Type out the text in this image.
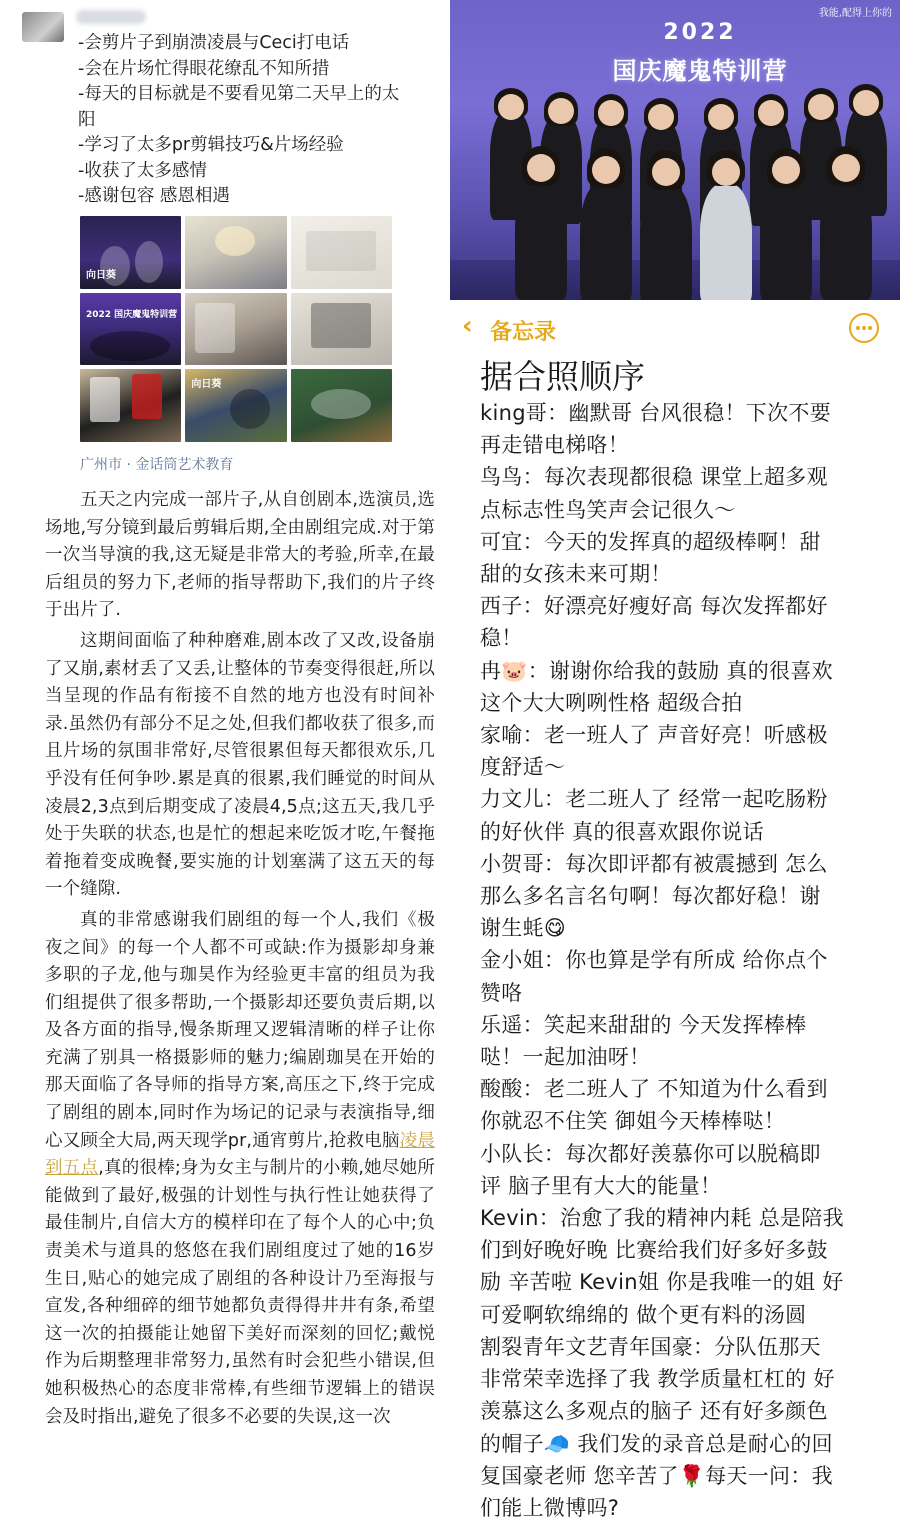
-会剪片子到崩溃凌晨与Ceci打电话
-会在片场忙得眼花缭乱不知所措
-每天的目标就是不要看见第二天早上的太
阳
-学习了太多pr剪辑技巧&片场经验
-收获了太多感情
-感谢包容 感恩相遇
向日葵
2022 国庆魔鬼特训营
向日葵
广州市 · 金话筒艺术教育

五天之内完成一部片子,从自创剧本,选演员,选场地,写分镜到最后剪辑后期,全由剧组完成.对于第一次当导演的我,这无疑是非常大的考验,所幸,在最后组员的努力下,老师的指导帮助下,我们的片子终于出片了.

这期间面临了种种磨难,剧本改了又改,设备崩了又崩,素材丢了又丢,让整体的节奏变得很赶,所以当呈现的作品有衔接不自然的地方也没有时间补录.虽然仍有部分不足之处,但我们都收获了很多,而且片场的氛围非常好,尽管很累但每天都很欢乐,几乎没有任何争吵.累是真的很累,我们睡觉的时间从凌晨2,3点到后期变成了凌晨4,5点;这五天,我几乎处于失联的状态,也是忙的想起来吃饭才吃,午餐拖着拖着变成晚餐,要实施的计划塞满了这五天的每一个缝隙.

真的非常感谢我们剧组的每一个人,我们《极夜之间》的每一个人都不可或缺:作为摄影却身兼多职的子龙,他与珈昊作为经验更丰富的组员为我们组提供了很多帮助,一个摄影却还要负责后期,以及各方面的指导,慢条斯理又逻辑清晰的样子让你充满了别具一格摄影师的魅力;编剧珈昊在开始的那天面临了各导师的指导方案,高压之下,终于完成了剧组的剧本,同时作为场记的记录与表演指导,细心又顾全大局,两天现学pr,通宵剪片,抢救电脑凌晨到五点,真的很棒;身为女主与制片的小赖,她尽她所能做到了最好,极强的计划性与执行性让她获得了最佳制片,自信大方的模样印在了每个人的心中;负责美术与道具的悠悠在我们剧组度过了她的16岁生日,贴心的她完成了剧组的各种设计乃至海报与宣发,各种细碎的细节她都负责得得井井有条,希望这一次的拍摄能让她留下美好而深刻的回忆;戴悦作为后期整理非常努力,虽然有时会犯些小错误,但她积极热心的态度非常棒,有些细节逻辑上的错误会及时指出,避免了很多不必要的失误,这一次

我能,配得上你的
2022
国庆魔鬼特训营
‹ 备忘录
据合照顺序
king哥：幽默哥 台风很稳！下次不要
再走错电梯咯！
鸟鸟：每次表现都很稳 课堂上超多观
点标志性鸟笑声会记很久～
可宜：今天的发挥真的超级棒啊！甜
甜的女孩未来可期！
西子：好漂亮好瘦好高 每次发挥都好
稳！
冉🐷：谢谢你给我的鼓励 真的很喜欢
这个大大咧咧性格 超级合拍
家喻：老一班人了 声音好亮！听感极
度舒适～
力文儿：老二班人了 经常一起吃肠粉
的好伙伴 真的很喜欢跟你说话
小贺哥：每次即评都有被震撼到 怎么
那么多名言名句啊！每次都好稳！谢
谢生蚝😋
金小姐：你也算是学有所成 给你点个
赞咯
乐遥：笑起来甜甜的 今天发挥棒棒
哒！一起加油呀！
酸酸：老二班人了 不知道为什么看到
你就忍不住笑 御姐今天棒棒哒！
小队长：每次都好羡慕你可以脱稿即
评 脑子里有大大的能量！
Kevin：治愈了我的精神内耗 总是陪我
们到好晚好晚 比赛给我们好多好多鼓
励 辛苦啦 Kevin姐 你是我唯一的姐 好
可爱啊软绵绵的 做个更有料的汤圆
割裂青年文艺青年国豪：分队伍那天
非常荣幸选择了我 教学质量杠杠的 好
羡慕这么多观点的脑子 还有好多颜色
的帽子🧢 我们发的录音总是耐心的回
复国豪老师 您辛苦了🌹每天一问：我
们能上微博吗?
